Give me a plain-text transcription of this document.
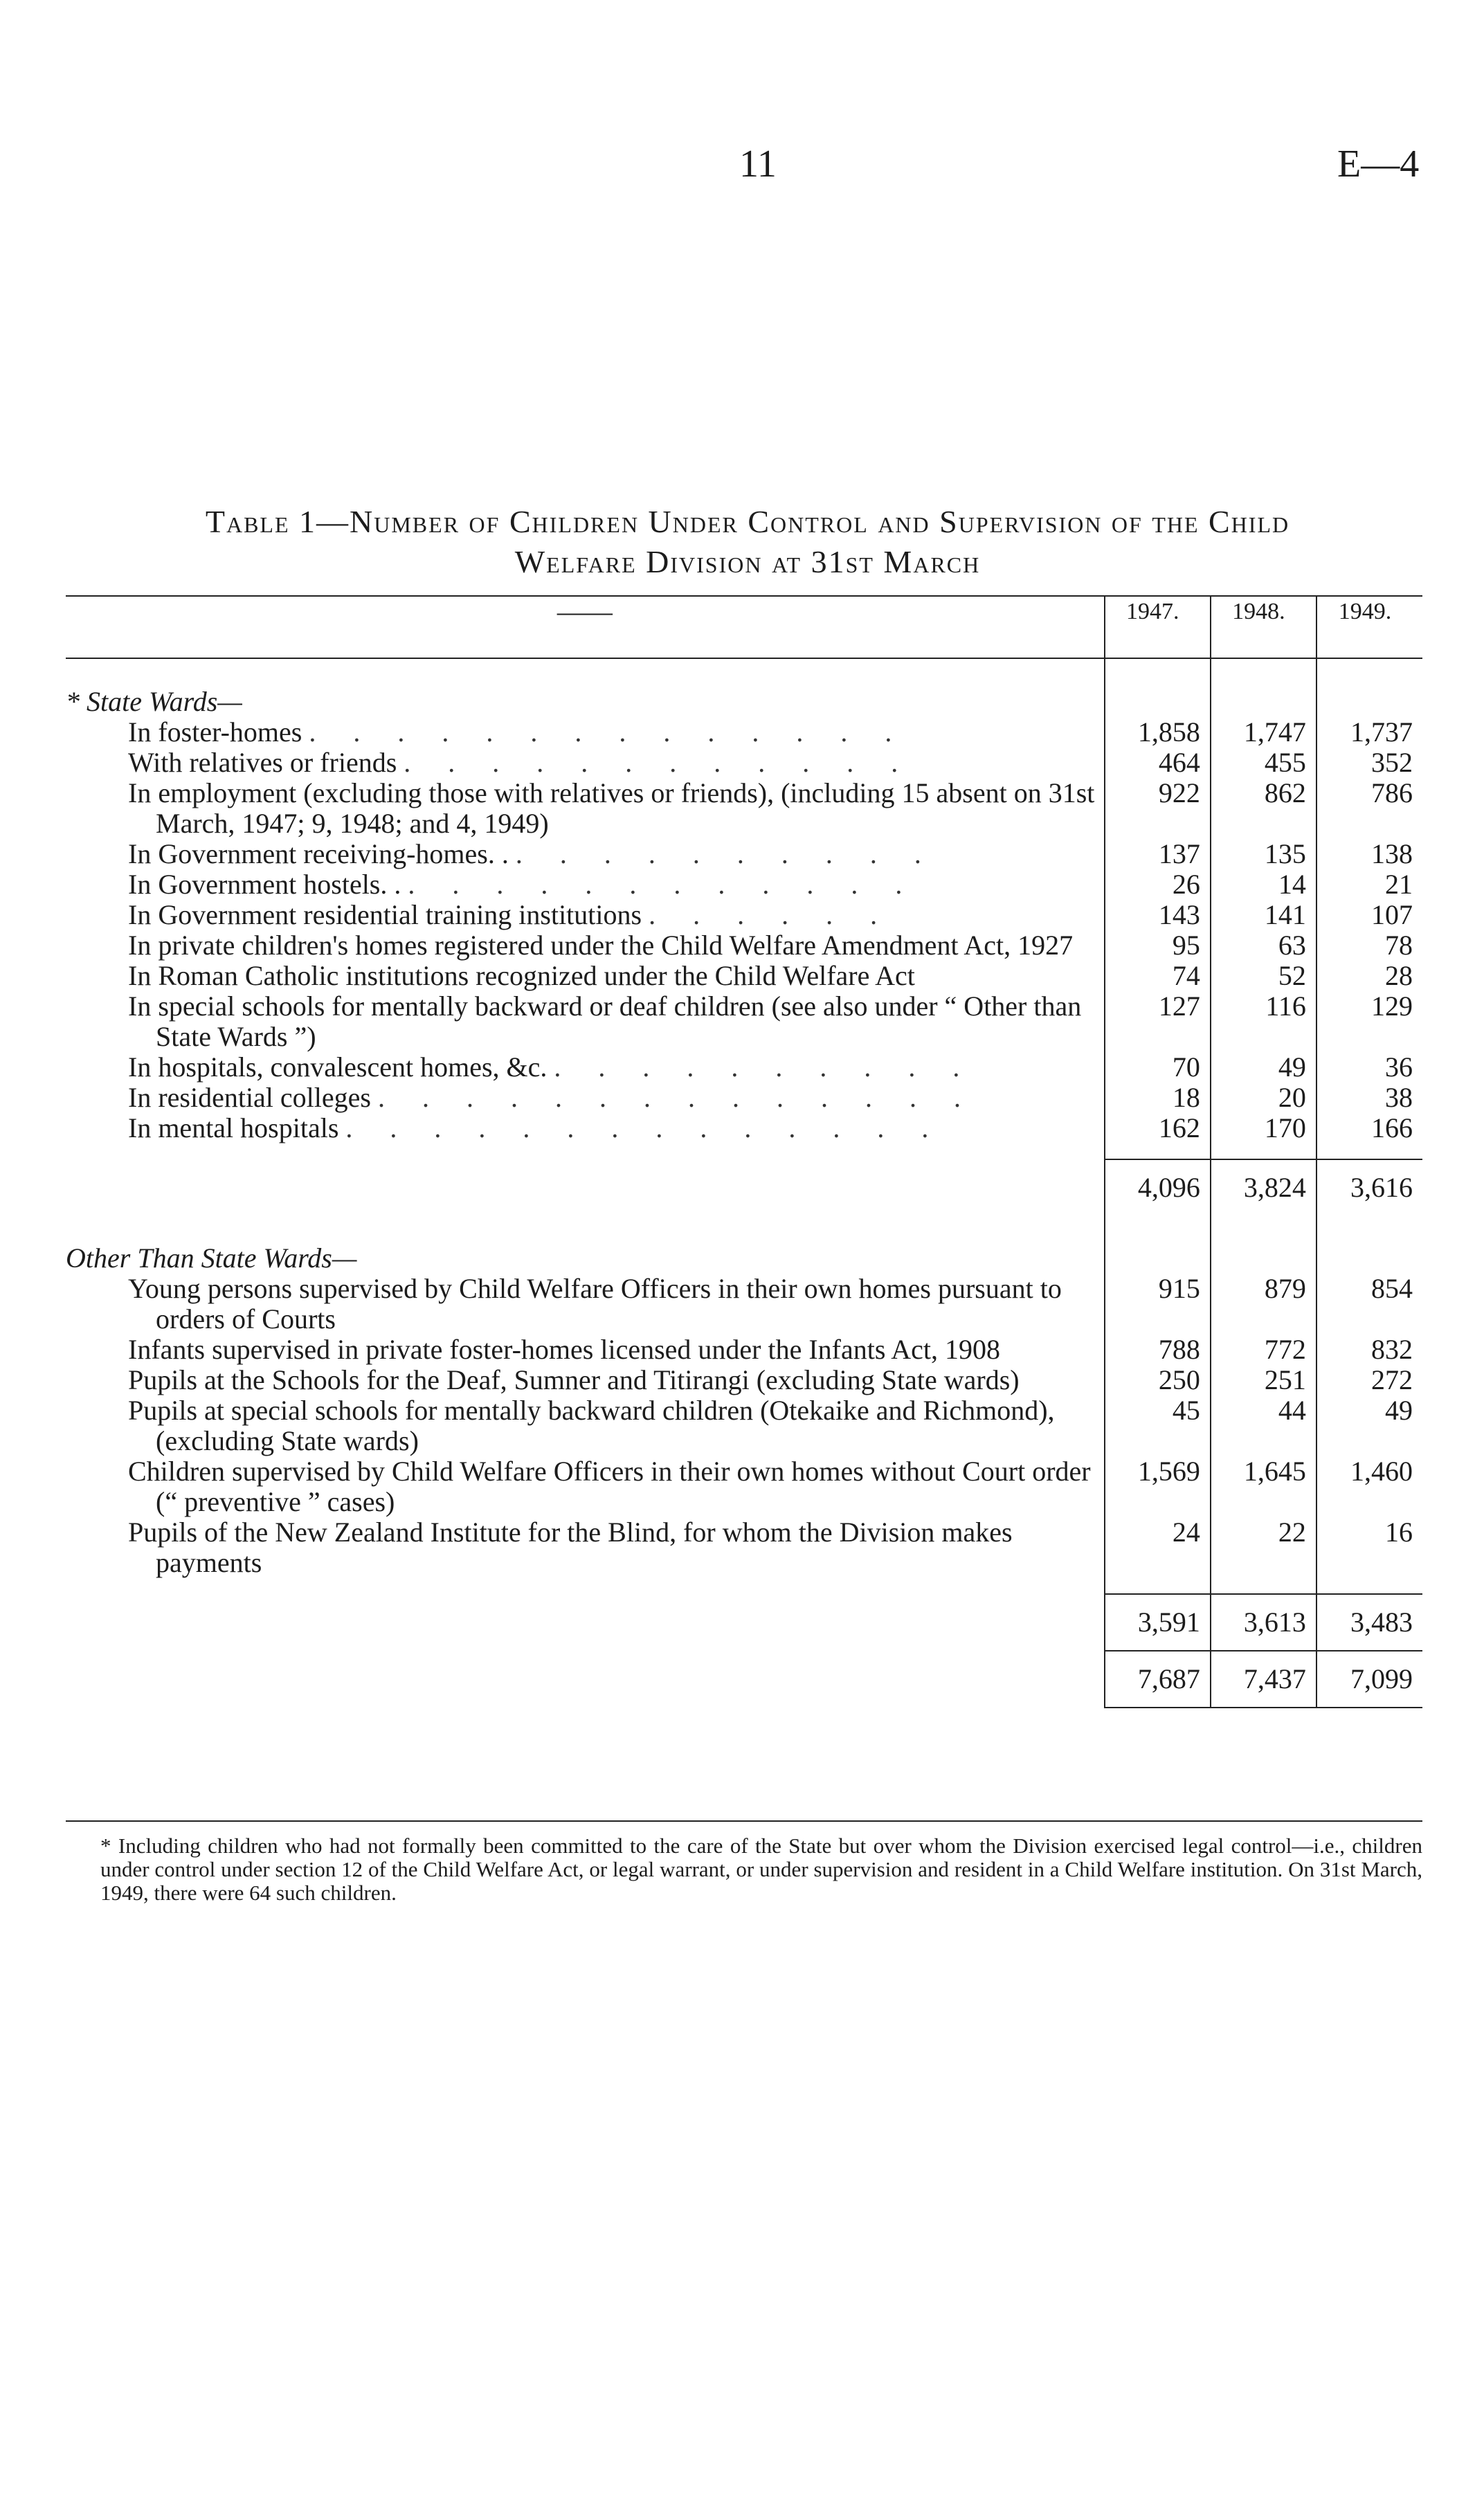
11	E—4
Table 1—Number of Children Under Control and Supervision of the Child
Welfare Division at 31st March

——	1947.	1948.	1949.

* State Wards—			

In foster-homes . . . . . . . . . . . . . .	1,858	1,747	1,737

With relatives or friends . . . . . . . . . . . .	464	455	352

In employment (excluding those with relatives or friends), (including 15 absent on 31st March, 1947; 9, 1948; and 4, 1949)	922	862	786

In Government receiving-homes. . . . . . . . . . . .	137	135	138

In Government hostels. . . . . . . . . . . . . .	26	14	21

In Government residential training institutions . . . . . .	143	141	107

In private children's homes registered under the Child Welfare Amendment Act, 1927	95	63	78

In Roman Catholic institutions recognized under the Child Welfare Act	74	52	28

In special schools for mentally backward or deaf children (see also under “ Other than State Wards ”)	127	116	129

In hospitals, convalescent homes, &c. . . . . . . . . . .	70	49	36

In residential colleges . . . . . . . . . . . . . .	18	20	38

In mental hospitals . . . . . . . . . . . . . .	162	170	166

	4,096	3,824	3,616

Other Than State Wards—			

Young persons supervised by Child Welfare Officers in their own homes pursuant to orders of Courts	915	879	854

Infants supervised in private foster-homes licensed under the Infants Act, 1908	788	772	832

Pupils at the Schools for the Deaf, Sumner and Titirangi (excluding State wards)	250	251	272

Pupils at special schools for mentally backward children (Otekaike and Richmond), (excluding State wards)	45	44	49

Children supervised by Child Welfare Officers in their own homes without Court order (“ preventive ” cases)	1,569	1,645	1,460

Pupils of the New Zealand Institute for the Blind, for whom the Division makes payments	24	22	16

	3,591	3,613	3,483
	7,687	7,437	7,099
* Including children who had not formally been committed to the care of the State but over whom the Division exercised legal control—i.e., children under control under section 12 of the Child Welfare Act, or legal warrant, or under supervision and resident in a Child Welfare institution. On 31st March, 1949, there were 64 such children.
